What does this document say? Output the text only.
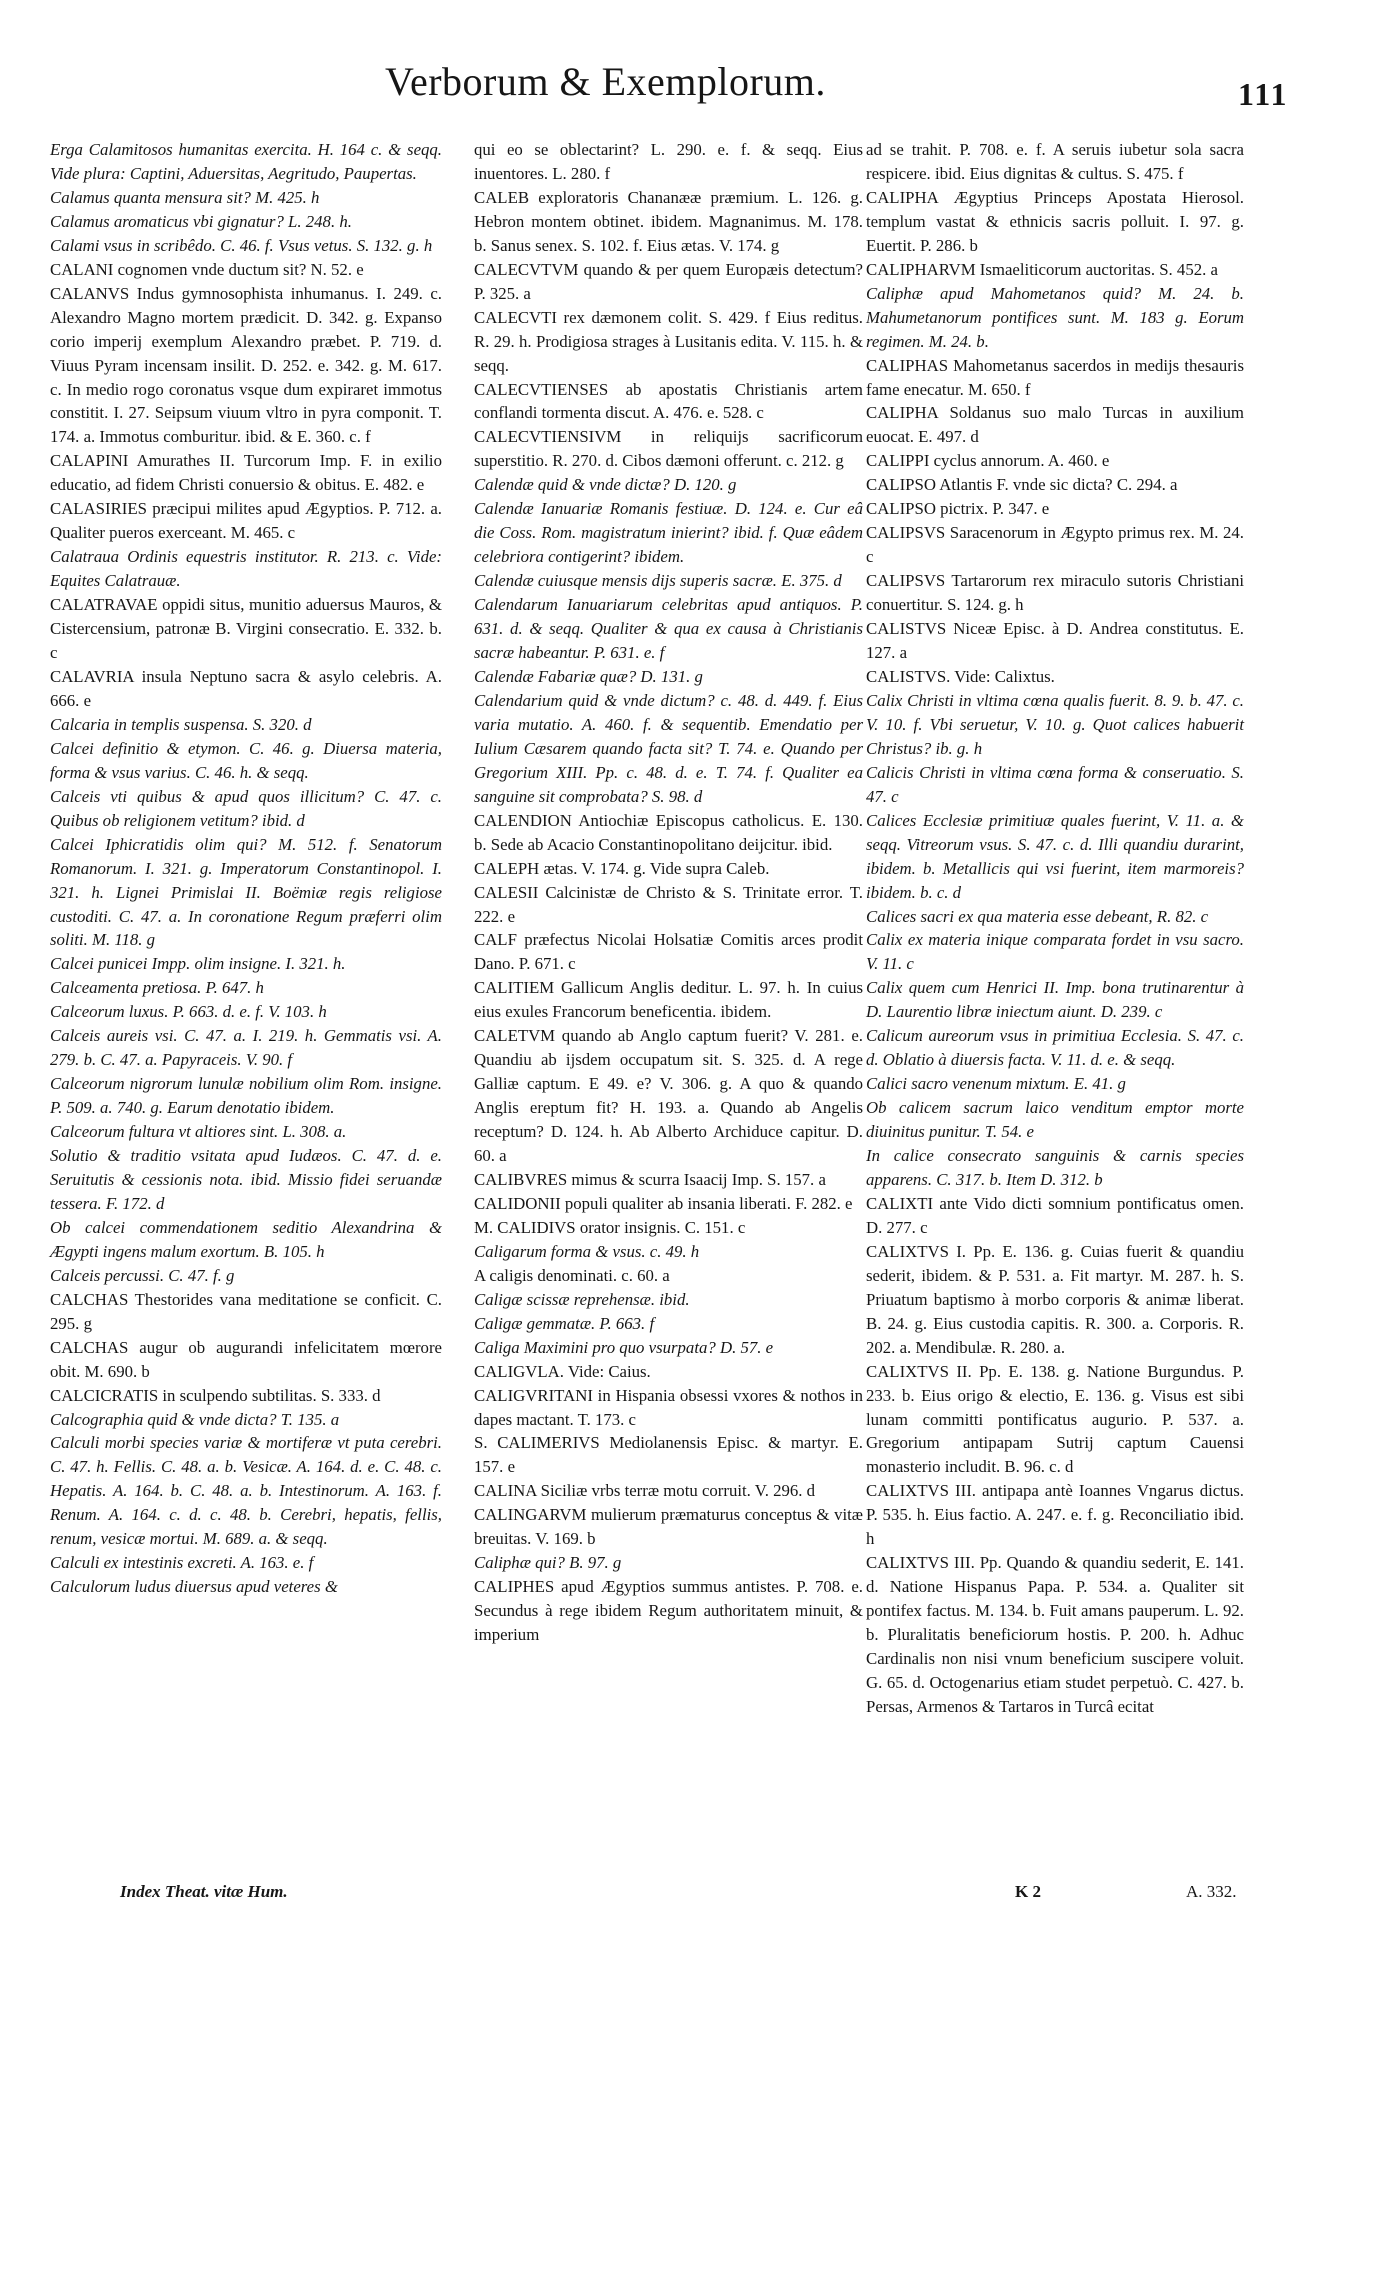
Verborum & Exemplorum.	111

Erga Calamitosos humanitas exercita. H. 164 c. & seqq. Vide plura: Captini, Aduersitas, Aegritudo, Paupertas.

Calamus quanta mensura sit? M. 425. h

Calamus aromaticus vbi gignatur? L. 248. h.

Calami vsus in scribêdo. C. 46. f. Vsus vetus. S. 132. g. h

CALANI cognomen vnde ductum sit? N. 52. e

CALANVS Indus gymnosophista inhumanus. I. 249. c. Alexandro Magno mortem prædicit. D. 342. g. Expanso corio imperij exemplum Alexandro præbet. P. 719. d. Viuus Pyram incensam insilit. D. 252. e. 342. g. M. 617. c. In medio rogo coronatus vsque dum expiraret immotus constitit. I. 27. Seipsum viuum vltro in pyra componit. T. 174. a. Immotus comburitur. ibid. & E. 360. c. f

CALAPINI Amurathes II. Turcorum Imp. F. in exilio educatio, ad fidem Christi conuersio & obitus. E. 482. e

CALASIRIES præcipui milites apud Ægyptios. P. 712. a. Qualiter pueros exerceant. M. 465. c

Calatraua Ordinis equestris institutor. R. 213. c. Vide: Equites Calatrauæ.

CALATRAVAE oppidi situs, munitio aduersus Mauros, & Cistercensium, patronæ B. Virgini consecratio. E. 332. b. c

CALAVRIA insula Neptuno sacra & asylo celebris. A. 666. e

Calcaria in templis suspensa. S. 320. d

Calcei definitio & etymon. C. 46. g. Diuersa materia, forma & vsus varius. C. 46. h. & seqq.

Calceis vti quibus & apud quos illicitum? C. 47. c. Quibus ob religionem vetitum? ibid. d

Calcei Iphicratidis olim qui? M. 512. f. Senatorum Romanorum. I. 321. g. Imperatorum Constantinopol. I. 321. h. Lignei Primislai II. Boëmiæ regis religiose custoditi. C. 47. a. In coronatione Regum præferri olim soliti. M. 118. g

Calcei punicei Impp. olim insigne. I. 321. h.

Calceamenta pretiosa. P. 647. h

Calceorum luxus. P. 663. d. e. f. V. 103. h

Calceis aureis vsi. C. 47. a. I. 219. h. Gemmatis vsi. A. 279. b. C. 47. a. Papyraceis. V. 90. f

Calceorum nigrorum lunulæ nobilium olim Rom. insigne. P. 509. a. 740. g. Earum denotatio ibidem.

Calceorum fultura vt altiores sint. L. 308. a.

Solutio & traditio vsitata apud Iudæos. C. 47. d. e. Seruitutis & cessionis nota. ibid. Missio fidei seruandæ tessera. F. 172. d

Ob calcei commendationem seditio Alexandrina & Ægypti ingens malum exortum. B. 105. h

Calceis percussi. C. 47. f. g

CALCHAS Thestorides vana meditatione se conficit. C. 295. g

CALCHAS augur ob augurandi infelicitatem mœrore obit. M. 690. b

CALCICRATIS in sculpendo subtilitas. S. 333. d

Calcographia quid & vnde dicta? T. 135. a

Calculi morbi species variæ & mortiferæ vt puta cerebri. C. 47. h. Fellis. C. 48. a. b. Vesicæ. A. 164. d. e. C. 48. c. Hepatis. A. 164. b. C. 48. a. b. Intestinorum. A. 163. f. Renum. A. 164. c. d. c. 48. b. Cerebri, hepatis, fellis, renum, vesicæ mortui. M. 689. a. & seqq.

Calculi ex intestinis excreti. A. 163. e. f

Calculorum ludus diuersus apud veteres &

qui eo se oblectarint? L. 290. e. f. & seqq. Eius inuentores. L. 280. f

CALEB exploratoris Chananææ præmium. L. 126. g. Hebron montem obtinet. ibidem. Magnanimus. M. 178. b. Sanus senex. S. 102. f. Eius ætas. V. 174. g

CALECVTVM quando & per quem Europæis detectum? P. 325. a

CALECVTI rex dæmonem colit. S. 429. f Eius reditus. R. 29. h. Prodigiosa strages à Lusitanis edita. V. 115. h. & seqq.

CALECVTIENSES ab apostatis Christianis artem conflandi tormenta discut. A. 476. e. 528. c

CALECVTIENSIVM in reliquijs sacrificorum superstitio. R. 270. d. Cibos dæmoni offerunt. c. 212. g

Calendæ quid & vnde dictæ? D. 120. g

Calendæ Ianuariæ Romanis festiuæ. D. 124. e. Cur eâ die Coss. Rom. magistratum inierint? ibid. f. Quæ eâdem celebriora contigerint? ibidem.

Calendæ cuiusque mensis dijs superis sacræ. E. 375. d

Calendarum Ianuariarum celebritas apud antiquos. P. 631. d. & seqq. Qualiter & qua ex causa à Christianis sacræ habeantur. P. 631. e. f

Calendæ Fabariæ quæ? D. 131. g

Calendarium quid & vnde dictum? c. 48. d. 449. f. Eius varia mutatio. A. 460. f. & sequentib. Emendatio per Iulium Cæsarem quando facta sit? T. 74. e. Quando per Gregorium XIII. Pp. c. 48. d. e. T. 74. f. Qualiter ea sanguine sit comprobata? S. 98. d

CALENDION Antiochiæ Episcopus catholicus. E. 130. b. Sede ab Acacio Constantinopolitano deijcitur. ibid.

CALEPH ætas. V. 174. g. Vide supra Caleb.

CALESII Calcinistæ de Christo & S. Trinitate error. T. 222. e

CALF præfectus Nicolai Holsatiæ Comitis arces prodit Dano. P. 671. c

CALITIEM Gallicum Anglis deditur. L. 97. h. In cuius eius exules Francorum beneficentia. ibidem.

CALETVM quando ab Anglo captum fuerit? V. 281. e. Quandiu ab ijsdem occupatum sit. S. 325. d. A rege Galliæ captum. E 49. e? V. 306. g. A quo & quando Anglis ereptum fit? H. 193. a. Quando ab Angelis receptum? D. 124. h. Ab Alberto Archiduce capitur. D. 60. a

CALIBVRES mimus & scurra Isaacij Imp. S. 157. a

CALIDONII populi qualiter ab insania liberati. F. 282. e

M. CALIDIVS orator insignis. C. 151. c

Caligarum forma & vsus. c. 49. h

A caligis denominati. c. 60. a

Caligæ scissæ reprehensæ. ibid.

Caligæ gemmatæ. P. 663. f

Caliga Maximini pro quo vsurpata? D. 57. e

CALIGVLA. Vide: Caius.

CALIGVRITANI in Hispania obsessi vxores & nothos in dapes mactant. T. 173. c

S. CALIMERIVS Mediolanensis Episc. & martyr. E. 157. e

CALINA Siciliæ vrbs terræ motu corruit. V. 296. d

CALINGARVM mulierum præmaturus conceptus & vitæ breuitas. V. 169. b

Caliphæ qui? B. 97. g

CALIPHES apud Ægyptios summus antistes. P. 708. e. Secundus à rege ibidem Regum authoritatem minuit, & imperium

ad se trahit. P. 708. e. f. A seruis iubetur sola sacra respicere. ibid. Eius dignitas & cultus. S. 475. f

CALIPHA Ægyptius Princeps Apostata Hierosol. templum vastat & ethnicis sacris polluit. I. 97. g. Euertit. P. 286. b

CALIPHARVM Ismaeliticorum auctoritas. S. 452. a

Caliphæ apud Mahometanos quid? M. 24. b. Mahumetanorum pontifices sunt. M. 183 g. Eorum regimen. M. 24. b.

CALIPHAS Mahometanus sacerdos in medijs thesauris fame enecatur. M. 650. f

CALIPHA Soldanus suo malo Turcas in auxilium euocat. E. 497. d

CALIPPI cyclus annorum. A. 460. e

CALIPSO Atlantis F. vnde sic dicta? C. 294. a

CALIPSO pictrix. P. 347. e

CALIPSVS Saracenorum in Ægypto primus rex. M. 24. c

CALIPSVS Tartarorum rex miraculo sutoris Christiani conuertitur. S. 124. g. h

CALISTVS Niceæ Episc. à D. Andrea constitutus. E. 127. a

CALISTVS. Vide: Calixtus.

Calix Christi in vltima cœna qualis fuerit. 8. 9. b. 47. c. V. 10. f. Vbi seruetur, V. 10. g. Quot calices habuerit Christus? ib. g. h

Calicis Christi in vltima cœna forma & conseruatio. S. 47. c

Calices Ecclesiæ primitiuæ quales fuerint, V. 11. a. & seqq. Vitreorum vsus. S. 47. c. d. Illi quandiu durarint, ibidem. b. Metallicis qui vsi fuerint, item marmoreis? ibidem. b. c. d

Calices sacri ex qua materia esse debeant, R. 82. c

Calix ex materia inique comparata fordet in vsu sacro. V. 11. c

Calix quem cum Henrici II. Imp. bona trutinarentur à D. Laurentio libræ iniectum aiunt. D. 239. c

Calicum aureorum vsus in primitiua Ecclesia. S. 47. c. d. Oblatio à diuersis facta. V. 11. d. e. & seqq.

Calici sacro venenum mixtum. E. 41. g

Ob calicem sacrum laico venditum emptor morte diuinitus punitur. T. 54. e

In calice consecrato sanguinis & carnis species apparens. C. 317. b. Item D. 312. b

CALIXTI ante Vido dicti somnium pontificatus omen. D. 277. c

CALIXTVS I. Pp. E. 136. g. Cuias fuerit & quandiu sederit, ibidem. & P. 531. a. Fit martyr. M. 287. h. S. Priuatum baptismo à morbo corporis & animæ liberat. B. 24. g. Eius custodia capitis. R. 300. a. Corporis. R. 202. a. Mendibulæ. R. 280. a.

CALIXTVS II. Pp. E. 138. g. Natione Burgundus. P. 233. b. Eius origo & electio, E. 136. g. Visus est sibi lunam committi pontificatus augurio. P. 537. a. Gregorium antipapam Sutrij captum Cauensi monasterio includit. B. 96. c. d

CALIXTVS III. antipapa antè Ioannes Vngarus dictus. P. 535. h. Eius factio. A. 247. e. f. g. Reconciliatio ibid. h

CALIXTVS III. Pp. Quando & quandiu sederit, E. 141. d. Natione Hispanus Papa. P. 534. a. Qualiter sit pontifex factus. M. 134. b. Fuit amans pauperum. L. 92. b. Pluralitatis beneficiorum hostis. P. 200. h. Adhuc Cardinalis non nisi vnum beneficium suscipere voluit. G. 65. d. Octogenarius etiam studet perpetuò. C. 427. b. Persas, Armenos & Tartaros in Turcâ ecitat

Index Theat. vitæ Hum.	K 2	A. 332.
